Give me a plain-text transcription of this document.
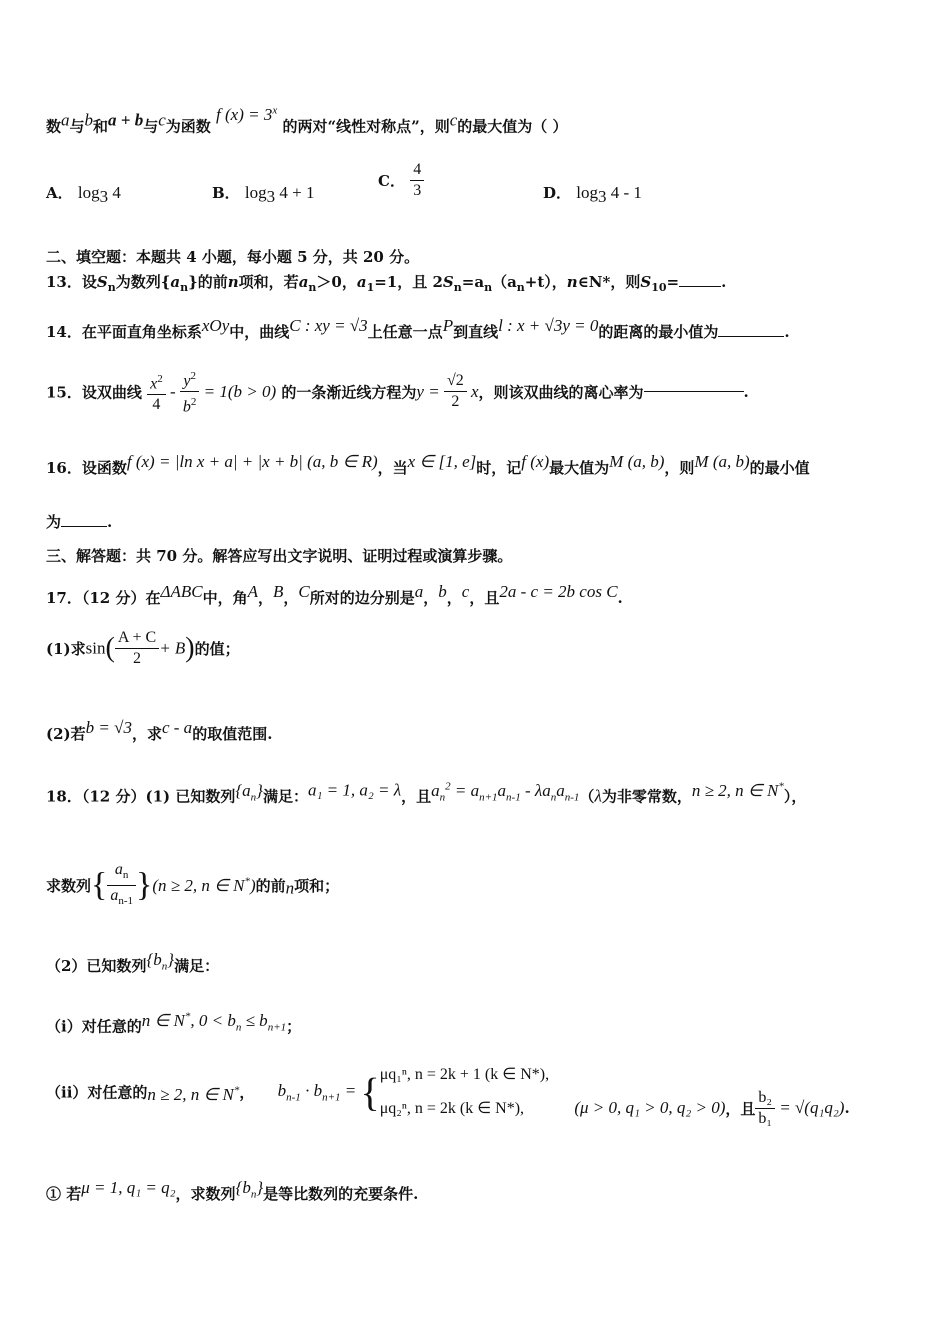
数$^a$与$^b$和$^{a + b}$与$^c$为函数 $^{f (x) = 3^x}$ 的两对“线性对称点”，则$^c$的最大值为（ ）
A． $\log_3 4$	B． $\log_3 4 + 1$
C． $\frac{4}{3}$	D． $\log_3 4 - 1$
二、填空题：本题共 4 小题，每小题 5 分，共 20 分。
13．设$S_n$为数列$\{a_n\}$的前n项和，若$a_n>0$，$a_1=1$，且 $2S_n=a_n(a_n+t)$，n∈N*，则$S_{10}=$	.
14．在平面直角坐标系$^{xOy}$中，曲线$^{C : xy = √3}$上任意一点$^P$到直线$^{l : x + √3y = 0}$的距离的最小值为	.
15．设双曲线 $\frac{x^2}{4} - \frac{y^2}{b^2} = 1(b > 0)$ 的一条渐近线方程为$y = \frac{√2}{2}$ x，则该双曲线的离心率为	.
16．设函数$^{f (x) = |ln x + a| + |x + b| (a, b \in R)}$，当$^{x \in [1, e]}$时，记$^{f (x)}$最大值为$^{M (a, b)}$，则$^{M (a, b)}$的最小值
为	.
三、解答题：共 70 分。解答应写出文字说明、证明过程或演算步骤。
17．（12 分）在$^{\Delta ABC}$中，角$^A$，$^B$，$^C$所对的边分别是$^a$，$^b$，$^c$，且$^{2a - c = 2b cos C}$.
(1)求$\sin( \frac{A + C}{2} + B)$的值；
(2)若$^{b = √3}$，求$^{c - a}$的取值范围.
18．（12 分）(1) 已知数列$^{\{a_n\}}$满足：$^{a_1 = 1, a_2 = \lambda}$，且$^{a_n^2 = a_{n+1}a_{n-1} - \lambda a_na_{n-1}}$（λ为非零常数，$^{n \ge 2, n \in N^*}$），
求数列{ $\frac{a_n}{a_{n-1}} \}(n \ge 2$, n ∈ N*)的前$_n$项和；
（2）已知数列$^{\{b_n\}}$满足：
（i）对任意的$^{n \in N^*, 0 < b_n \le b_{n+1}}$；
（ii）对任意的$_{n \ge 2, n \in N^*}$， $b_{n-1} \cdot b_{n+1}$ = { μq₁ⁿ, n = 2k + 1 (k ∈ N*),
μq₂ⁿ, n = 2k (k ∈ N*),	(μ > 0, q₁ > 0, q₂ > 0)，且 $\frac{\text{b₂}}{\text{b₁}} = √(q_1q_2)$.
① 若$^{\mu = 1, q_1 = q_2}$，求数列$^{\{b_n\}}$是等比数列的充要条件.
